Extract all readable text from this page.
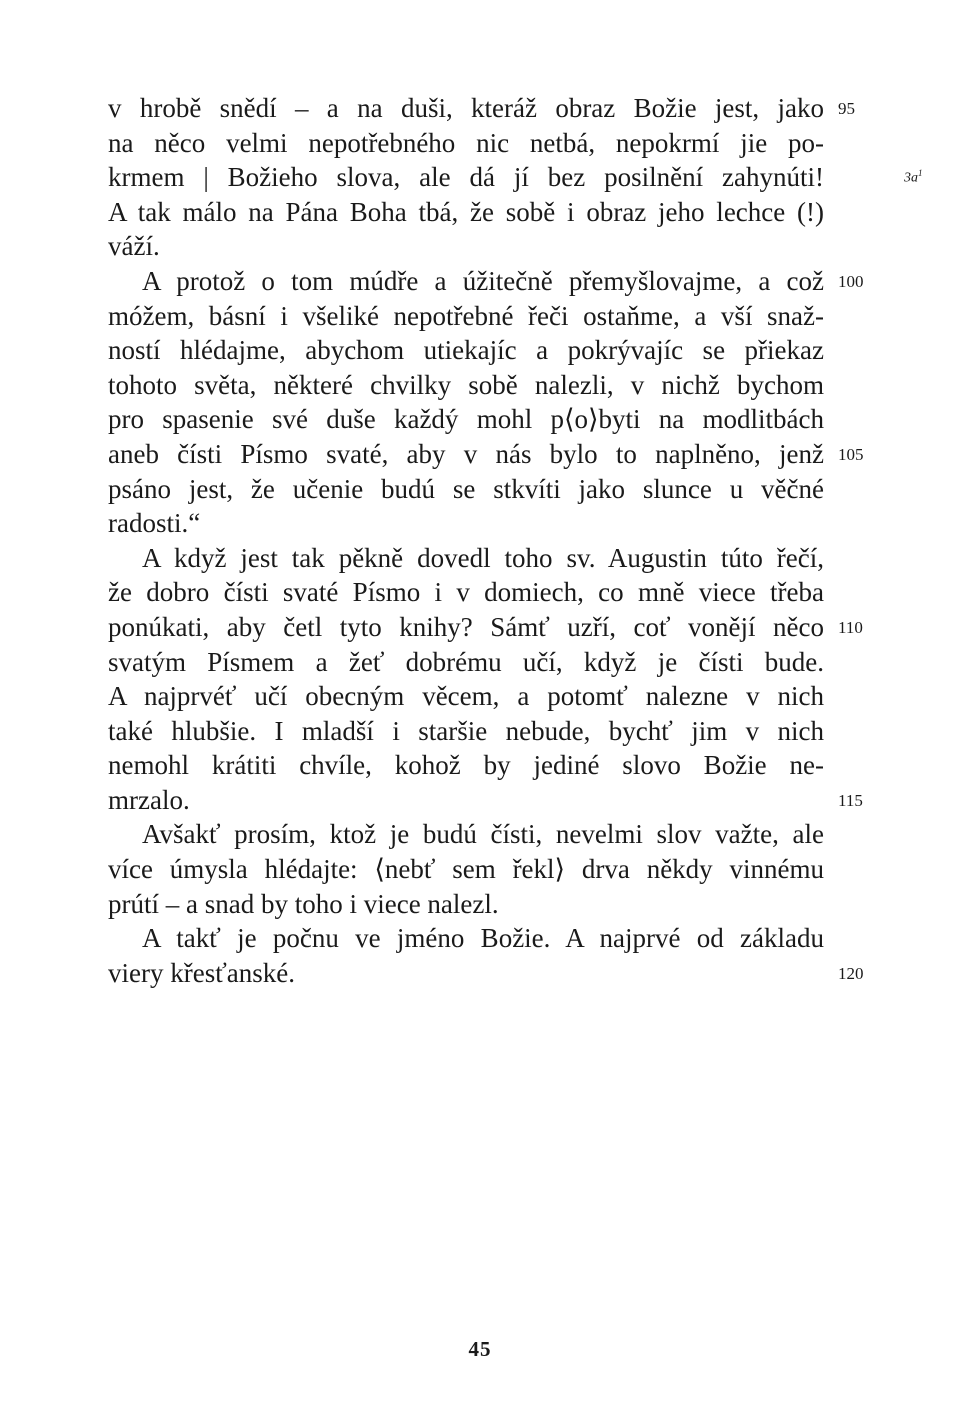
v hrobě snědí – a na duši, kteráž obraz Božie jest, jako
na něco velmi nepotřebného nic netbá, nepokrmí jie po-
krmem | Božieho slova, ale dá jí bez posilnění zahynúti!
A tak málo na Pána Boha tbá, že sobě i obraz jeho lechce (!)
váží.
A protož o tom múdře a úžitečně přemyšlovajme, a což
móžem, básní i všeliké nepotřebné řeči ostaňme, a vší snaž-
ností hlédajme, abychom utiekajíc a pokrývajíc se přiekaz
tohoto světa, některé chvilky sobě nalezli, v nichž bychom
pro spasenie své duše každý mohl p⟨o⟩byti na modlitbách
aneb čísti Písmo svaté, aby v nás bylo to naplněno, jenž
psáno jest, že učenie budú se stkvíti jako slunce u věčné
radosti.“
A když jest tak pěkně dovedl toho sv. Augustin túto řečí,
že dobro čísti svaté Písmo i v domiech, co mně viece třeba
ponúkati, aby četl tyto knihy? Sámť uzří, coť vonějí něco
svatým Písmem a žeť dobrému učí, když je čísti bude.
A najprvéť učí obecným věcem, a potomť nalezne v nich
také hlubšie. I mladší i staršie nebude, bychť jim v nich
nemohl krátiti chvíle, kohož by jediné slovo Božie ne-
mrzalo.
Avšakť prosím, ktož je budú čísti, nevelmi slov važte, ale
více úmysla hlédajte: ⟨nebť sem řekl⟩ drva někdy vinnému
prútí – a snad by toho i viece nalezl.
A takť je počnu ve jméno Božie. A najprvé od základu
viery křesťanské.
95
100
105
110
115
120
$3a^1$
45
